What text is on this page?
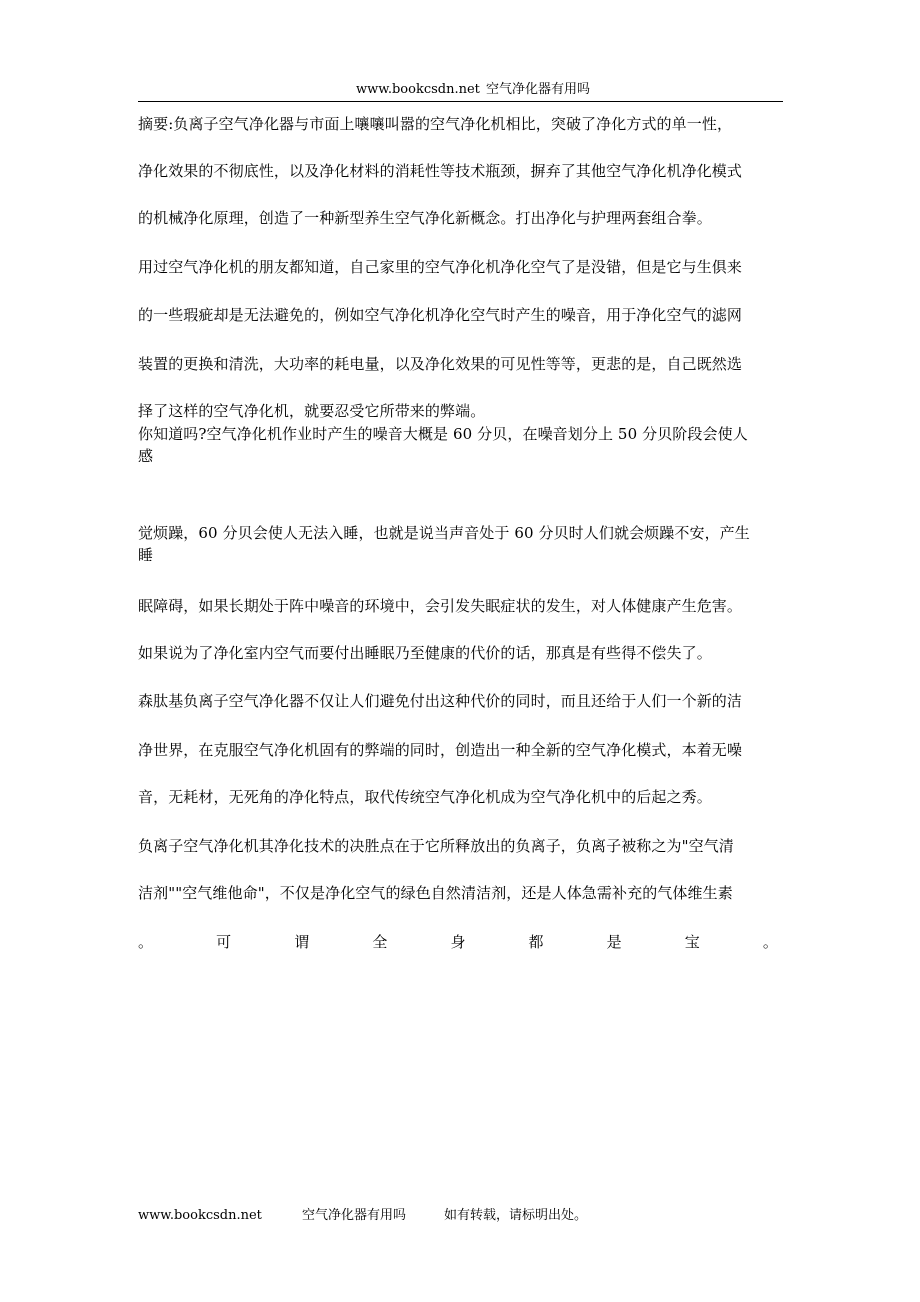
www.bookcsdn.net 空气净化器有用吗
摘要:负离子空气净化器与市面上嚷嚷叫嚣的空气净化机相比，突破了净化方式的单一性，
净化效果的不彻底性，以及净化材料的消耗性等技术瓶颈，摒弃了其他空气净化机净化模式
的机械净化原理，创造了一种新型养生空气净化新概念。打出净化与护理两套组合拳。
用过空气净化机的朋友都知道，自己家里的空气净化机净化空气了是没错，但是它与生俱来
的一些瑕疵却是无法避免的，例如空气净化机净化空气时产生的噪音，用于净化空气的滤网
装置的更换和清洗，大功率的耗电量，以及净化效果的可见性等等，更悲的是，自己既然选
择了这样的空气净化机，就要忍受它所带来的弊端。
你知道吗?空气净化机作业时产生的噪音大概是 60 分贝，在噪音划分上 50 分贝阶段会使人
感
觉烦躁，60 分贝会使人无法入睡，也就是说当声音处于 60 分贝时人们就会烦躁不安，产生
睡
眠障碍，如果长期处于阵中噪音的环境中，会引发失眠症状的发生，对人体健康产生危害。
如果说为了净化室内空气而要付出睡眠乃至健康的代价的话，那真是有些得不偿失了。
森肽基负离子空气净化器不仅让人们避免付出这种代价的同时，而且还给于人们一个新的洁
净世界，在克服空气净化机固有的弊端的同时，创造出一种全新的空气净化模式，本着无噪
音，无耗材，无死角的净化特点，取代传统空气净化机成为空气净化机中的后起之秀。
负离子空气净化机其净化技术的决胜点在于它所释放出的负离子，负离子被称之为"空气清
洁剂""空气维他命"，不仅是净化空气的绿色自然清洁剂，还是人体急需补充的气体维生素
。	可	谓	全	身	都	是	宝	。
www.bookcsdn.net	空气净化器有用吗	如有转载，请标明出处。
